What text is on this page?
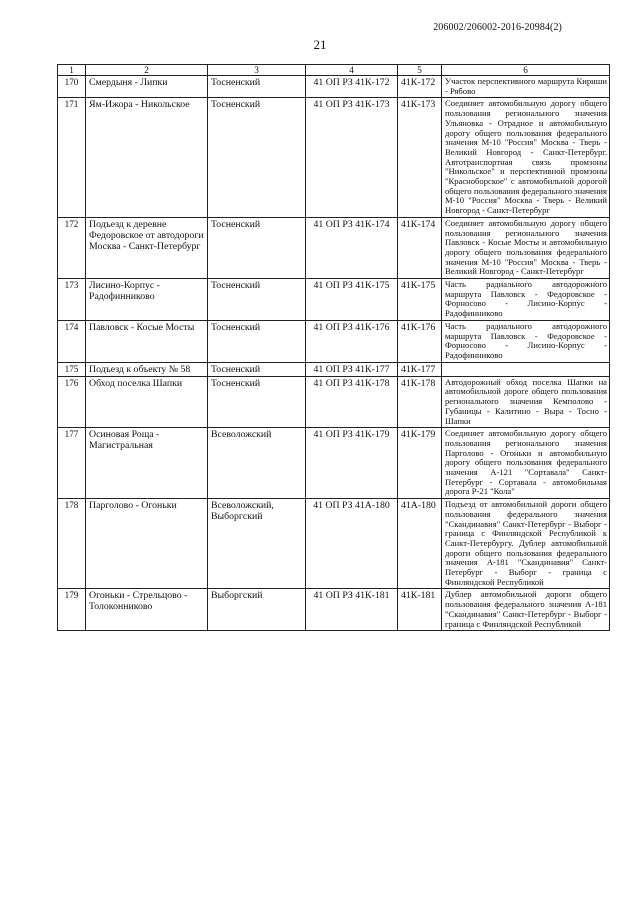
206002/206002-2016-20984(2)
21
1	2	3	4	5	6
170	Смердыня - Липки	Тосненский	41 ОП РЗ 41К-172	41К-172	Участок перспективного маршрута Кириши - Рябово
171	Ям-Ижора - Никольское	Тосненский	41 ОП РЗ 41К-173	41К-173	Соединяет автомобильную дорогу общего пользования регионального значения Ульяновка - Отрадное и автомобильную дорогу общего пользования федерального значения М-10 "Россия" Москва - Тверь - Великий Новгород - Санкт-Петербург. Автотранспортная связь промзоны "Никольское" и перспективной промзоны "Красноборское" с автомобильной дорогой общего пользования федерального значения М-10 "Россия" Москва - Тверь - Великий Новгород - Санкт-Петербург
172	Подъезд к деревне Федоровское от автодороги Москва - Санкт-Петербург	Тосненский	41 ОП РЗ 41К-174	41К-174	Соединяет автомобильную дорогу общего пользования регионального значения Павловск - Косые Мосты и автомобильную дорогу общего пользования федерального значения М-10 "Россия" Москва - Тверь - Великий Новгород - Санкт-Петербург
173	Лисино-Корпус - Радофинниково	Тосненский	41 ОП РЗ 41К-175	41К-175	Часть радиального автодорожного маршрута Павловск - Федоровское - Форносово - Лисино-Корпус - Радофинниково
174	Павловск - Косые Мосты	Тосненский	41 ОП РЗ 41К-176	41К-176	Часть радиального автодорожного маршрута Павловск - Федоровское - Форносово - Лисино-Корпус - Радофинниково
175	Подъезд к объекту № 58	Тосненский	41 ОП РЗ 41К-177	41К-177	
176	Обход поселка Шапки	Тосненский	41 ОП РЗ 41К-178	41К-178	Автодорожный обход поселка Шапки на автомобильной дороге общего пользования регионального значения Кемполово - Губаницы - Калитино - Выра - Тосно - Шапки
177	Осиновая Роща - Магистральная	Всеволожский	41 ОП РЗ 41К-179	41К-179	Соединяет автомобильную дорогу общего пользования регионального значения Парголово - Огоньки и автомобильную дорогу общего пользования федерального значения А-121 "Сортавала" Санкт-Петербург - Сортавала - автомобильная дорога Р-21 "Кола"
178	Парголово - Огоньки	Всеволожский, Выборгский	41 ОП РЗ 41А-180	41А-180	Подъезд от автомобильной дороги общего пользования федерального значения "Скандинавия" Санкт-Петербург - Выборг - граница с Финляндской Республикой к Санкт-Петербургу. Дублер автомобильной дороги общего пользования федерального значения А-181 "Скандинавия" Санкт-Петербург - Выборг - граница с Финляндской Республикой
179	Огоньки - Стрельцово - Толоконниково	Выборгский	41 ОП РЗ 41К-181	41К-181	Дублер автомобильной дороги общего пользования федерального значения А-181 "Скандинавия" Санкт-Петербург - Выборг - граница с Финляндской Республикой
